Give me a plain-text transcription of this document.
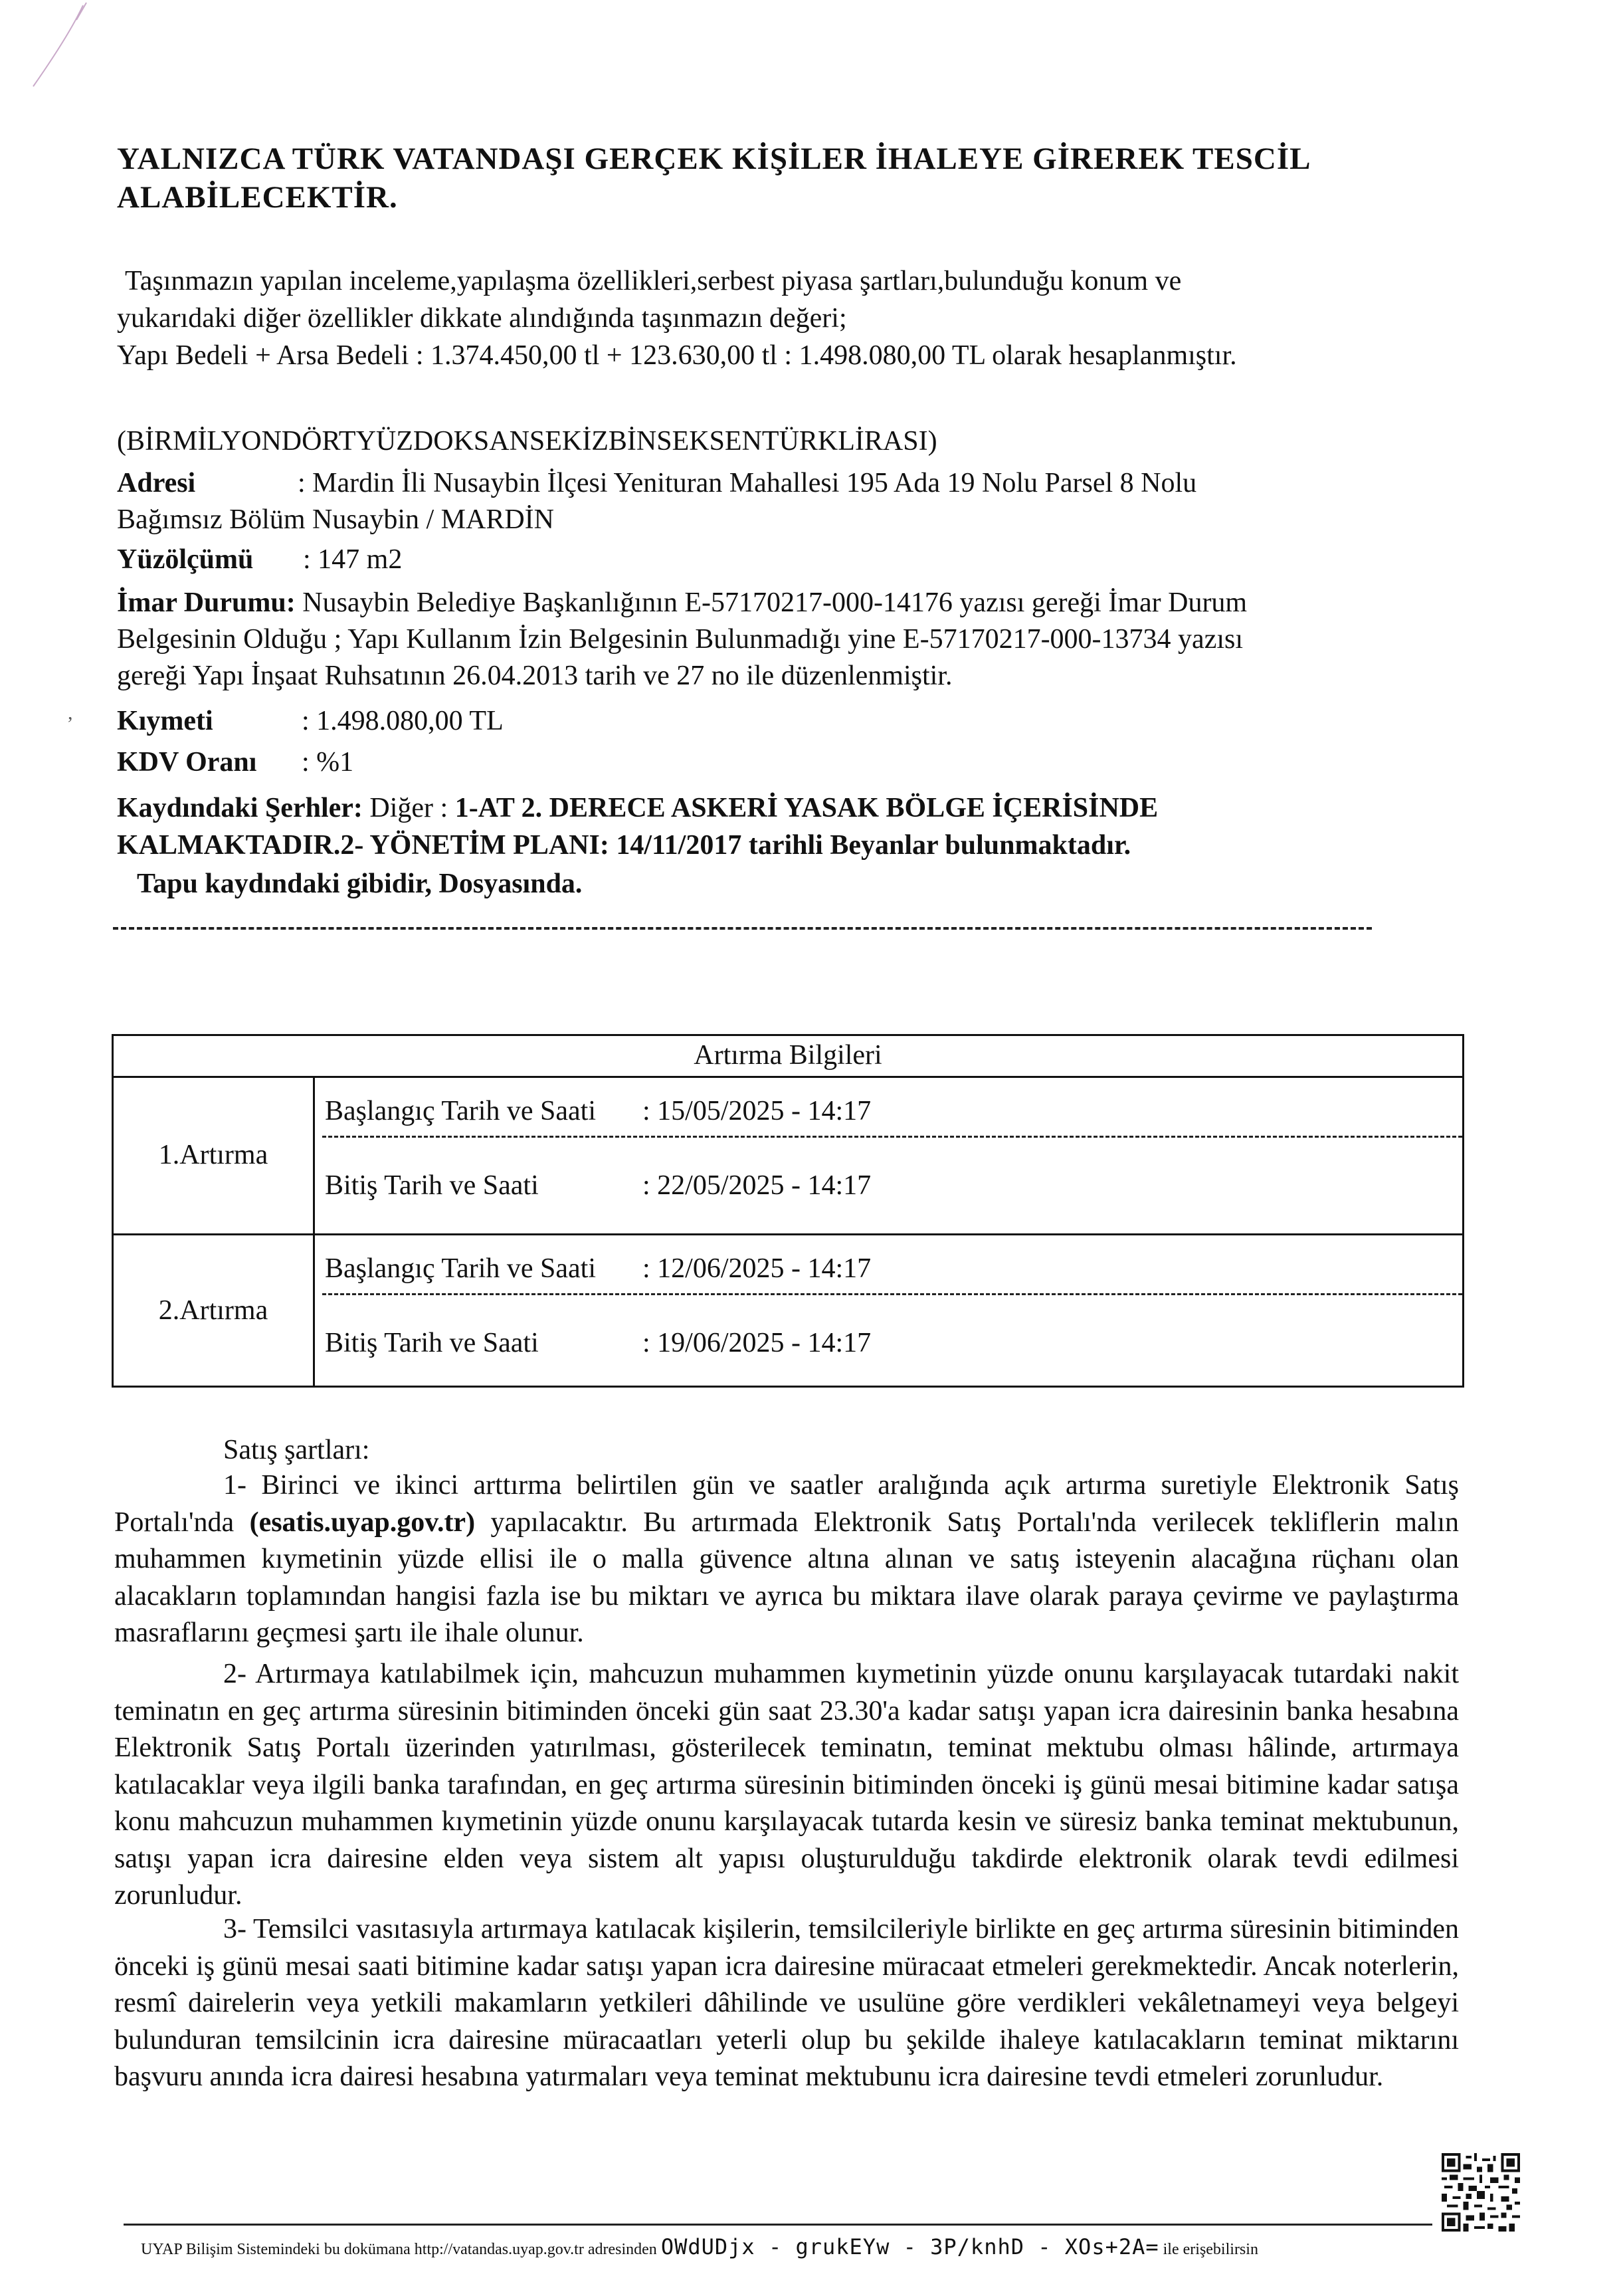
,
YALNIZCA TÜRK VATANDAŞI GERÇEK KİŞİLER İHALEYE GİREREK TESCİL
ALABİLECEKTİR.
Taşınmazın yapılan inceleme,yapılaşma özellikleri,serbest piyasa şartları,bulunduğu konum ve
yukarıdaki diğer özellikler dikkate alındığında taşınmazın değeri;
Yapı Bedeli + Arsa Bedeli : 1.374.450,00 tl + 123.630,00 tl : 1.498.080,00 TL olarak hesaplanmıştır.
(BİRMİLYONDÖRTYÜZDOKSANSEKİZBİNSEKSENTÜRKLİRASI)
Adresi	: Mardin İli Nusaybin İlçesi Yenituran Mahallesi 195 Ada 19 Nolu Parsel 8 Nolu
Bağımsız Bölüm Nusaybin / MARDİN
Yüzölçümü : 147 m2
İmar Durumu: Nusaybin Belediye Başkanlığının E-57170217-000-14176 yazısı gereği İmar Durum
Belgesinin Olduğu ; Yapı Kullanım İzin Belgesinin Bulunmadığı yine E-57170217-000-13734 yazısı
gereği Yapı İnşaat Ruhsatının 26.04.2013 tarih ve 27 no ile düzenlenmiştir.
Kıymeti	: 1.498.080,00 TL
KDV Oranı : %1
Kaydındaki Şerhler: Diğer : 1-AT 2. DERECE ASKERİ YASAK BÖLGE İÇERİSİNDE
KALMAKTADIR.2- YÖNETİM PLANI: 14/11/2017 tarihli Beyanlar bulunmaktadır.
Tapu kaydındaki gibidir, Dosyasında.
Artırma Bilgileri
1.Artırma
Başlangıç Tarih ve Saati : 15/05/2025 - 14:17
Bitiş Tarih ve Saati	: 22/05/2025 - 14:17
2.Artırma
Başlangıç Tarih ve Saati : 12/06/2025 - 14:17
Bitiş Tarih ve Saati	: 19/06/2025 - 14:17
Satış şartları:
1- Birinci ve ikinci arttırma belirtilen gün ve saatler aralığında açık artırma suretiyle Elektronik Satış Portalı'nda (esatis.uyap.gov.tr) yapılacaktır. Bu artırmada Elektronik Satış Portalı'nda verilecek tekliflerin malın muhammen kıymetinin yüzde ellisi ile o malla güvence altına alınan ve satış isteyenin alacağına rüçhanı olan alacakların toplamından hangisi fazla ise bu miktarı ve ayrıca bu miktara ilave olarak paraya çevirme ve paylaştırma masraflarını geçmesi şartı ile ihale olunur.
2- Artırmaya katılabilmek için, mahcuzun muhammen kıymetinin yüzde onunu karşılayacak tutardaki nakit teminatın en geç artırma süresinin bitiminden önceki gün saat 23.30'a kadar satışı yapan icra dairesinin banka hesabına Elektronik Satış Portalı üzerinden yatırılması, gösterilecek teminatın, teminat mektubu olması hâlinde, artırmaya katılacaklar veya ilgili banka tarafından, en geç artırma süresinin bitiminden önceki iş günü mesai bitimine kadar satışa konu mahcuzun muhammen kıymetinin yüzde onunu karşılayacak tutarda kesin ve süresiz banka teminat mektubunun, satışı yapan icra dairesine elden veya sistem alt yapısı oluşturulduğu takdirde elektronik olarak tevdi edilmesi zorunludur.
3- Temsilci vasıtasıyla artırmaya katılacak kişilerin, temsilcileriyle birlikte en geç artırma süresinin bitiminden önceki iş günü mesai saati bitimine kadar satışı yapan icra dairesine müracaat etmeleri gerekmektedir. Ancak noterlerin, resmî dairelerin veya yetkili makamların yetkileri dâhilinde ve usulüne göre verdikleri vekâletnameyi veya belgeyi bulunduran temsilcinin icra dairesine müracaatları yeterli olup bu şekilde ihaleye katılacakların teminat miktarını başvuru anında icra dairesi hesabına yatırmaları veya teminat mektubunu icra dairesine tevdi etmeleri zorunludur.
UYAP Bilişim Sistemindeki bu dokümana http://vatandas.uyap.gov.tr adresinden OWdUDjx - grukEYw - 3P/knhD - XOs+2A= ile erişebilirsin
